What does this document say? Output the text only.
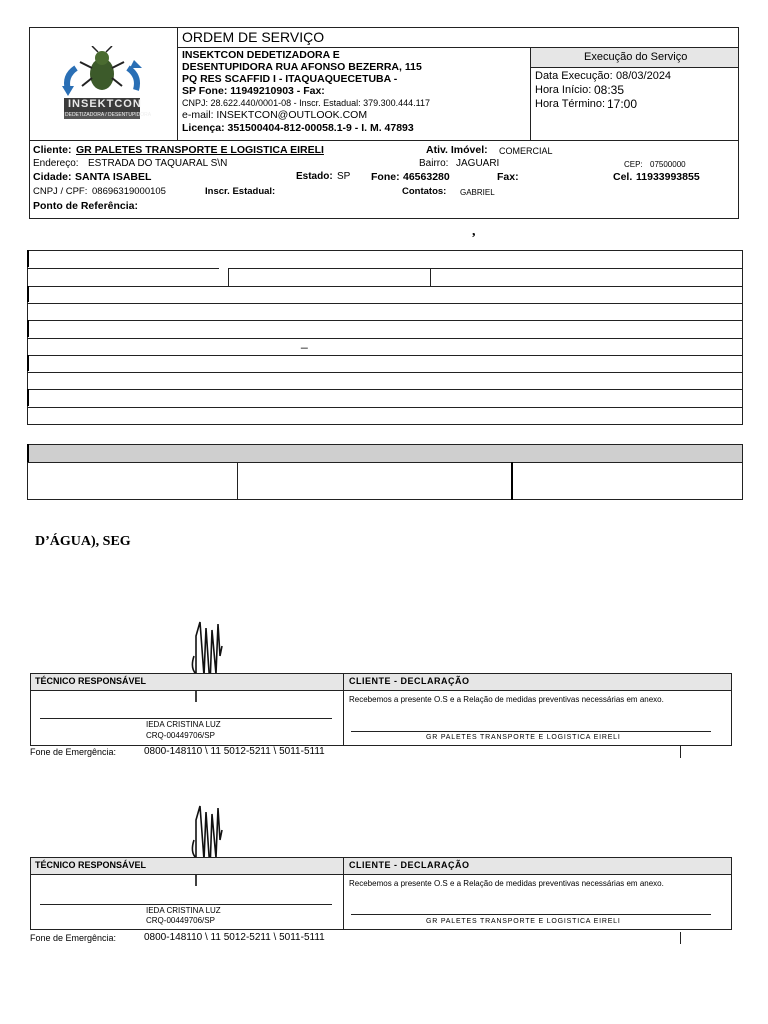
INSEKTCON
DEDETIZADORA / DESENTUPIDORA
ORDEM DE SERVIÇO
INSEKTCON DEDETIZADORA E
DESENTUPIDORA RUA AFONSO BEZERRA, 115
PQ RES SCAFFID I - ITAQUAQUECETUBA -
SP Fone: 11949210903 - Fax:
CNPJ: 28.622.440/0001-08 - Inscr. Estadual: 379.300.444.117
e-mail: INSEKTCON@OUTLOOK.COM
Licença: 351500404-812-00058.1-9 - I. M. 47893
Execução do Serviço
Data Execução: 08/03/2024
Hora Início: 08:35
Hora Término: 17:00
Cliente: GR PALETES TRANSPORTE E LOGISTICA EIRELI	Ativ. Imóvel: COMERCIAL
Endereço: ESTRADA DO TAQUARAL S\N	Bairro: JAGUARI	CEP: 07500000
Cidade: SANTA ISABEL	Estado: SP Fone: 46563280	Fax:	Cel. 11933993855
CNPJ / CPF: 08696319000105	Inscr. Estadual:	Contatos: GABRIEL
Ponto de Referência:
,
_
D’ÁGUA), SEG
TÉCNICO RESPONSÁVEL	CLIENTE - DECLARAÇÃO
Recebemos a presente O.S e a Relação de medidas preventivas necessárias em anexo.
IEDA CRISTINA LUZ
CRQ-00449706/SP	GR PALETES TRANSPORTE E LOGISTICA EIRELI
Fone de Emergência:	0800-148110 \ 11 5012-5211 \ 5011-5111
TÉCNICO RESPONSÁVEL	CLIENTE - DECLARAÇÃO
Recebemos a presente O.S e a Relação de medidas preventivas necessárias em anexo.
IEDA CRISTINA LUZ
CRQ-00449706/SP	GR PALETES TRANSPORTE E LOGISTICA EIRELI
Fone de Emergência:	0800-148110 \ 11 5012-5211 \ 5011-5111
